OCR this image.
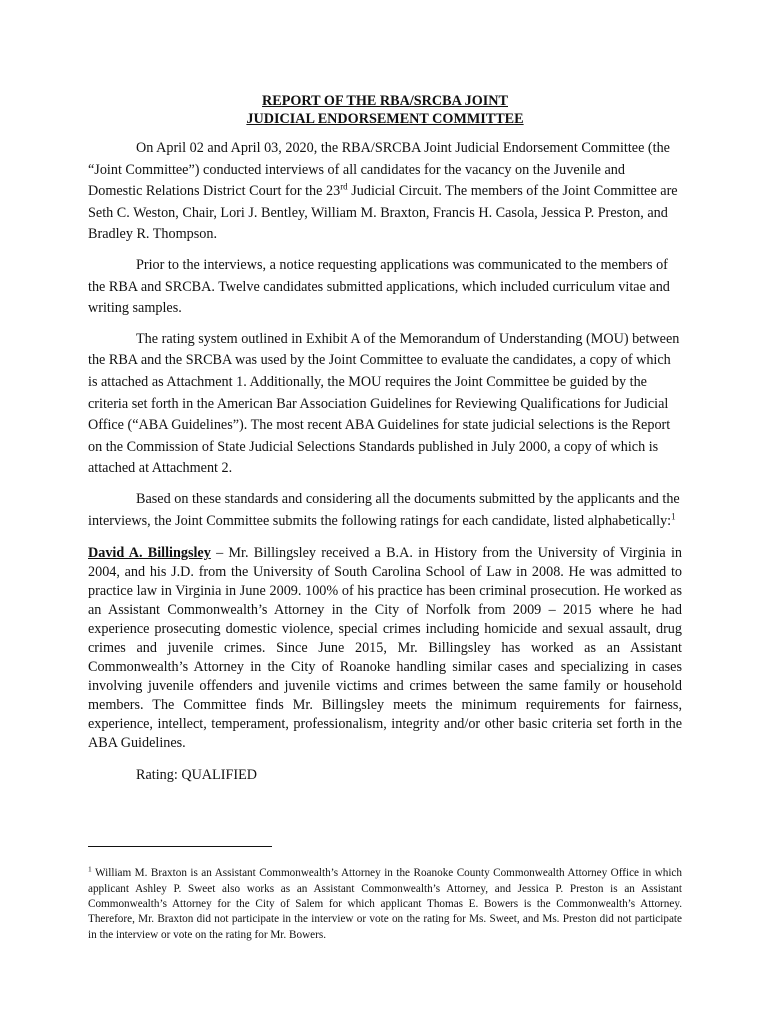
REPORT OF THE RBA/SRCBA JOINT
JUDICIAL ENDORSEMENT COMMITTEE

On April 02 and April 03, 2020, the RBA/SRCBA Joint Judicial Endorsement Committee (the “Joint Committee”) conducted interviews of all candidates for the vacancy on the Juvenile and Domestic Relations District Court for the 23rd Judicial Circuit. The members of the Joint Committee are Seth C. Weston, Chair, Lori J. Bentley, William M. Braxton, Francis H. Casola, Jessica P. Preston, and Bradley R. Thompson.

Prior to the interviews, a notice requesting applications was communicated to the members of the RBA and SRCBA. Twelve candidates submitted applications, which included curriculum vitae and writing samples.

The rating system outlined in Exhibit A of the Memorandum of Understanding (MOU) between the RBA and the SRCBA was used by the Joint Committee to evaluate the candidates, a copy of which is attached as Attachment 1. Additionally, the MOU requires the Joint Committee be guided by the criteria set forth in the American Bar Association Guidelines for Reviewing Qualifications for Judicial Office (“ABA Guidelines”). The most recent ABA Guidelines for state judicial selections is the Report on the Commission of State Judicial Selections Standards published in July 2000, a copy of which is attached at Attachment 2.

Based on these standards and considering all the documents submitted by the applicants and the interviews, the Joint Committee submits the following ratings for each candidate, listed alphabetically:$^1$

David A. Billingsley – Mr. Billingsley received a B.A. in History from the University of Virginia in 2004, and his J.D. from the University of South Carolina School of Law in 2008. He was admitted to practice law in Virginia in June 2009. 100% of his practice has been criminal prosecution. He worked as an Assistant Commonwealth’s Attorney in the City of Norfolk from 2009 – 2015 where he had experience prosecuting domestic violence, special crimes including homicide and sexual assault, drug crimes and juvenile crimes. Since June 2015, Mr. Billingsley has worked as an Assistant Commonwealth’s Attorney in the City of Roanoke handling similar cases and specializing in cases involving juvenile offenders and juvenile victims and crimes between the same family or household members. The Committee finds Mr. Billingsley meets the minimum requirements for fairness, experience, intellect, temperament, professionalism, integrity and/or other basic criteria set forth in the ABA Guidelines.

Rating: QUALIFIED

$^1$ William M. Braxton is an Assistant Commonwealth’s Attorney in the Roanoke County Commonwealth Attorney Office in which applicant Ashley P. Sweet also works as an Assistant Commonwealth’s Attorney, and Jessica P. Preston is an Assistant Commonwealth’s Attorney for the City of Salem for which applicant Thomas E. Bowers is the Commonwealth’s Attorney. Therefore, Mr. Braxton did not participate in the interview or vote on the rating for Ms. Sweet, and Ms. Preston did not participate in the interview or vote on the rating for Mr. Bowers.
